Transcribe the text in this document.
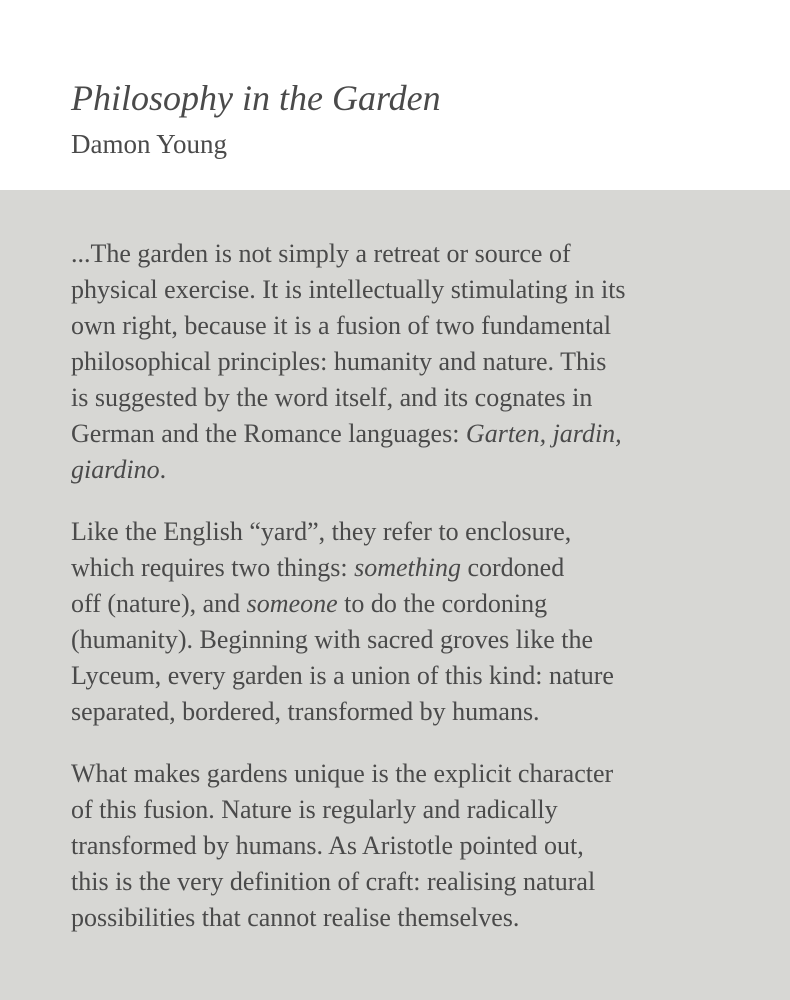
Philosophy in the Garden
Damon Young

...The garden is not simply a retreat or source of
physical exercise. It is intellectually stimulating in its
own right, because it is a fusion of two fundamental
philosophical principles: humanity and nature. This
is suggested by the word itself, and its cognates in
German and the Romance languages: Garten, jardin,
giardino.

Like the English “yard”, they refer to enclosure,
which requires two things: something cordoned
off (nature), and someone to do the cordoning
(humanity). Beginning with sacred groves like the
Lyceum, every garden is a union of this kind: nature
separated, bordered, transformed by humans.

What makes gardens unique is the explicit character
of this fusion. Nature is regularly and radically
transformed by humans. As Aristotle pointed out,
this is the very definition of craft: realising natural
possibilities that cannot realise themselves.
